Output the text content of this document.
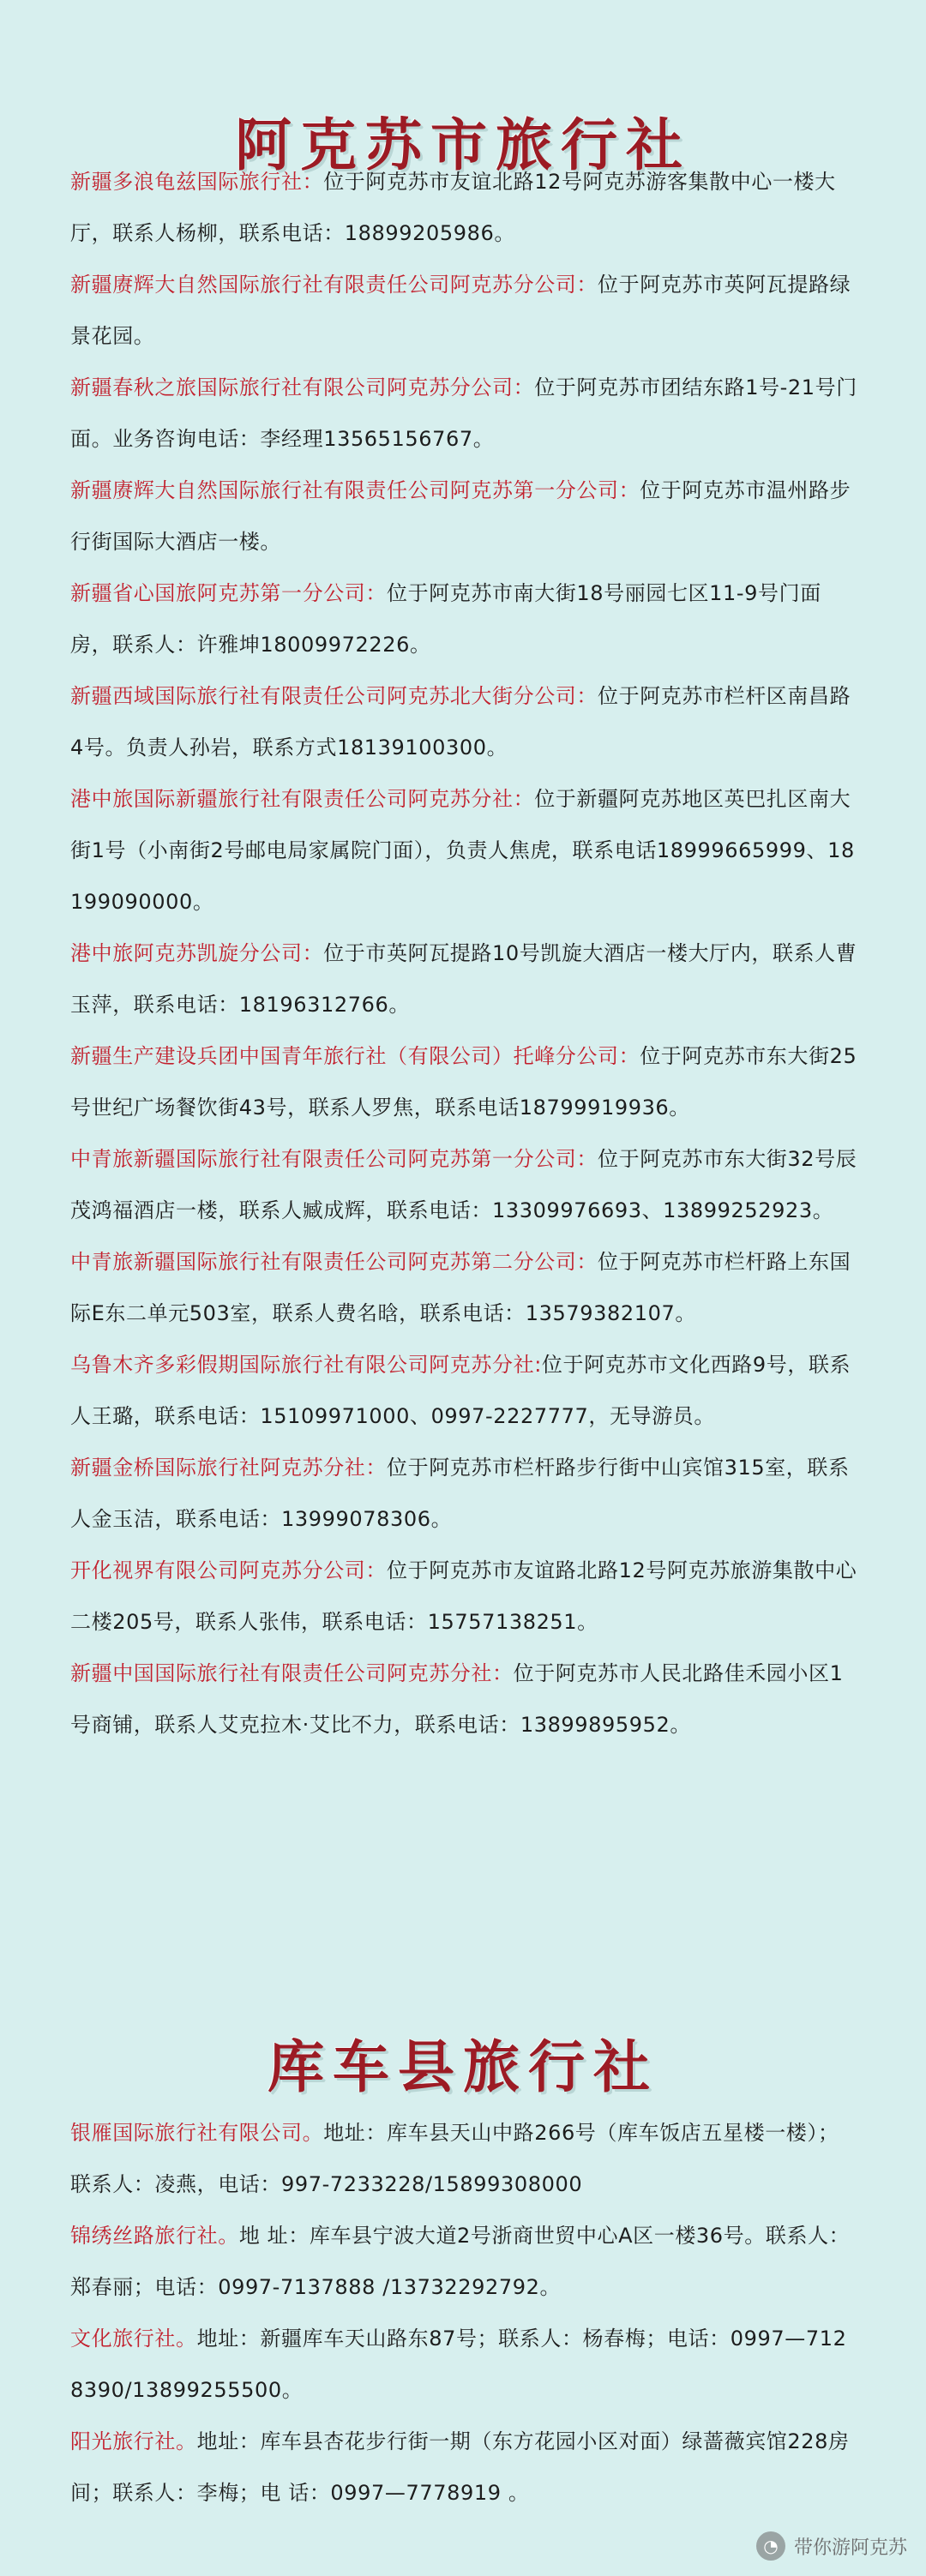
阿克苏市旅行社

新疆多浪龟兹国际旅行社：位于阿克苏市友谊北路12号阿克苏游客集散中心一楼大厅，联系人杨柳，联系电话：18899205986。

新疆赓辉大自然国际旅行社有限责任公司阿克苏分公司：位于阿克苏市英阿瓦提路绿景花园。

新疆春秋之旅国际旅行社有限公司阿克苏分公司：位于阿克苏市团结东路1号-21号门面。业务咨询电话：李经理13565156767。

新疆赓辉大自然国际旅行社有限责任公司阿克苏第一分公司：位于阿克苏市温州路步行街国际大酒店一楼。

新疆省心国旅阿克苏第一分公司：位于阿克苏市南大街18号丽园七区11-9号门面房，联系人：许雅坤18009972226。

新疆西域国际旅行社有限责任公司阿克苏北大街分公司：位于阿克苏市栏杆区南昌路4号。负责人孙岩，联系方式18139100300。

港中旅国际新疆旅行社有限责任公司阿克苏分社：位于新疆阿克苏地区英巴扎区南大街1号（小南街2号邮电局家属院门面），负责人焦虎，联系电话18999665999、18199090000。

港中旅阿克苏凯旋分公司：位于市英阿瓦提路10号凯旋大酒店一楼大厅内，联系人曹玉萍，联系电话：18196312766。

新疆生产建设兵团中国青年旅行社（有限公司）托峰分公司：位于阿克苏市东大街25号世纪广场餐饮街43号，联系人罗焦，联系电话18799919936。

中青旅新疆国际旅行社有限责任公司阿克苏第一分公司：位于阿克苏市东大街32号辰茂鸿福酒店一楼，联系人臧成辉，联系电话：13309976693、13899252923。

中青旅新疆国际旅行社有限责任公司阿克苏第二分公司：位于阿克苏市栏杆路上东国际E东二单元503室，联系人费名晗，联系电话：13579382107。

乌鲁木齐多彩假期国际旅行社有限公司阿克苏分社:位于阿克苏市文化西路9号，联系人王璐，联系电话：15109971000、0997-2227777，无导游员。

新疆金桥国际旅行社阿克苏分社：位于阿克苏市栏杆路步行街中山宾馆315室，联系人金玉洁，联系电话：13999078306。

开化视界有限公司阿克苏分公司：位于阿克苏市友谊路北路12号阿克苏旅游集散中心二楼205号，联系人张伟，联系电话：15757138251。

新疆中国国际旅行社有限责任公司阿克苏分社：位于阿克苏市人民北路佳禾园小区1号商铺，联系人艾克拉木·艾比不力，联系电话：13899895952。

库车县旅行社

银雁国际旅行社有限公司。地址：库车县天山中路266号（库车饭店五星楼一楼）；联系人：凌燕，电话：997-7233228/15899308000

锦绣丝路旅行社。地 址：库车县宁波大道2号浙商世贸中心A区一楼36号。联系人：郑春丽；电话：0997-7137888 /13732292792。

文化旅行社。地址：新疆库车天山路东87号；联系人：杨春梅；电话：0997—7128390/13899255500。

阳光旅行社。地址：库车县杏花步行街一期（东方花园小区对面）绿蔷薇宾馆228房间；联系人：李梅；电 话：0997—7778919 。

◔ 带你游阿克苏
